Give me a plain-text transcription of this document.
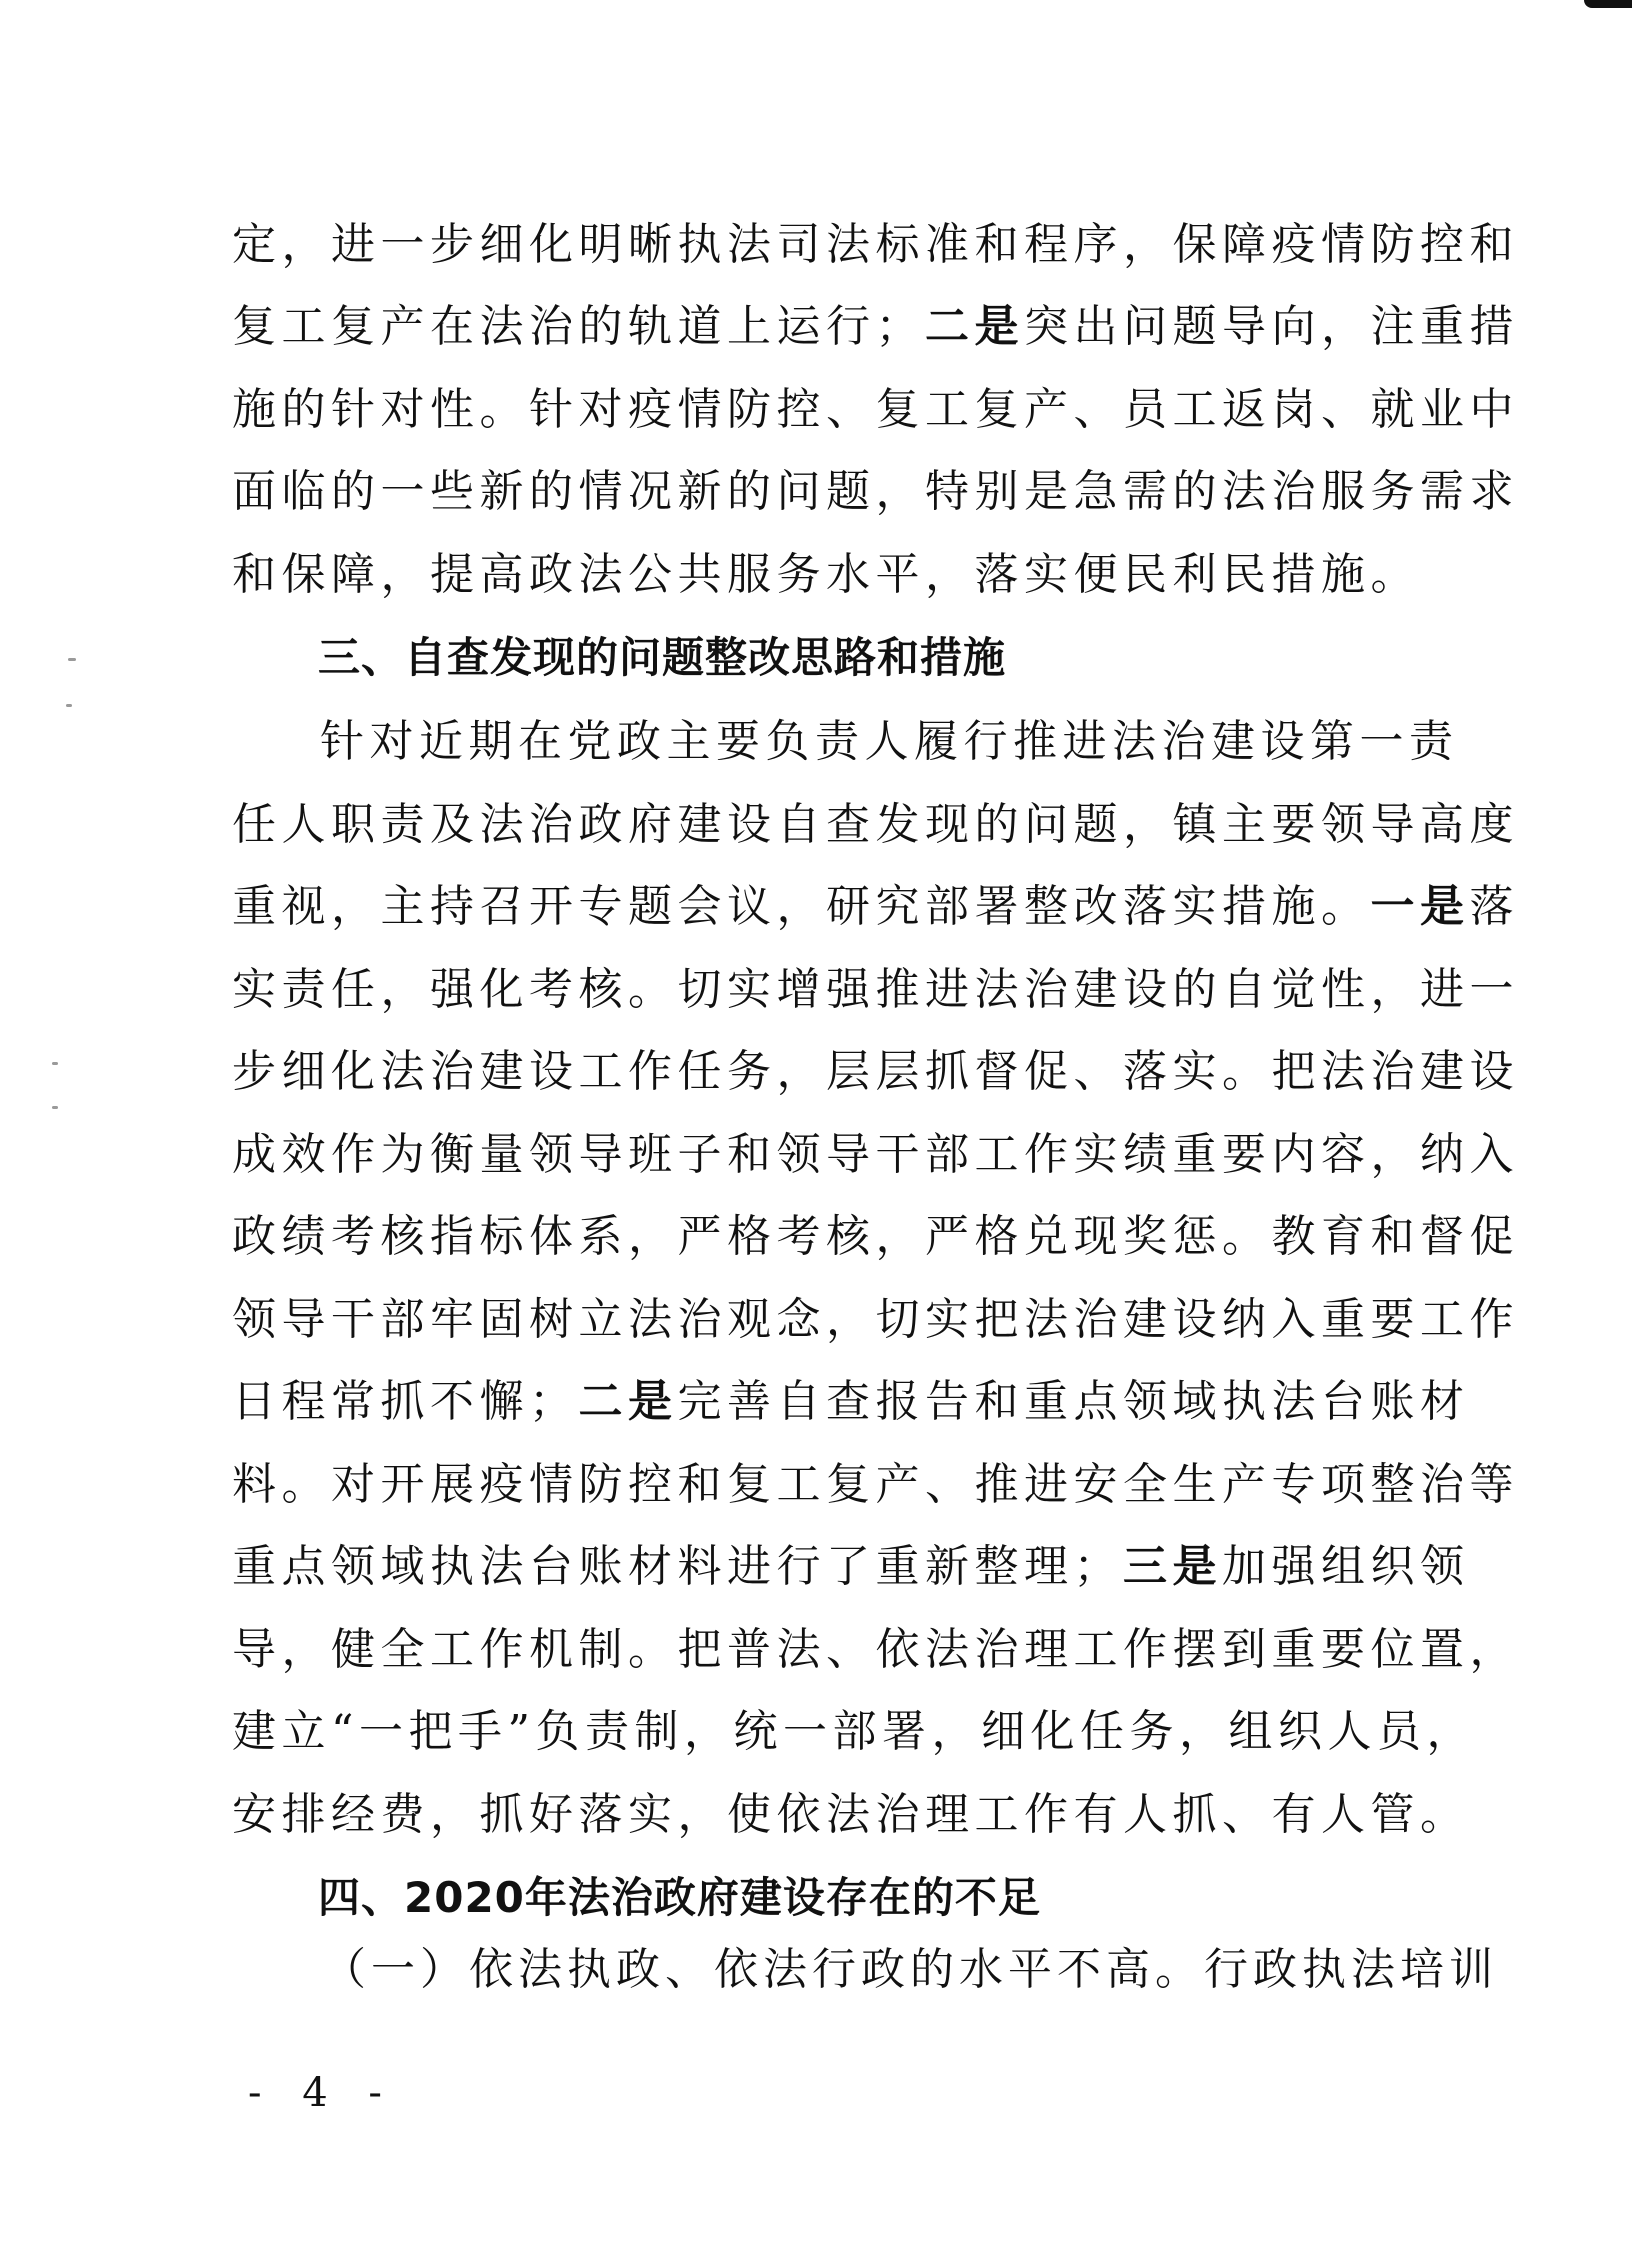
定，进一步细化明晰执法司法标准和程序，保障疫情防控和
复工复产在法治的轨道上运行；二是突出问题导向，注重措
施的针对性。针对疫情防控、复工复产、员工返岗、就业中
面临的一些新的情况新的问题，特别是急需的法治服务需求
和保障，提高政法公共服务水平，落实便民利民措施。
三、自查发现的问题整改思路和措施
针对近期在党政主要负责人履行推进法治建设第一责
任人职责及法治政府建设自查发现的问题，镇主要领导高度
重视，主持召开专题会议，研究部署整改落实措施。一是落
实责任，强化考核。切实增强推进法治建设的自觉性，进一
步细化法治建设工作任务，层层抓督促、落实。把法治建设
成效作为衡量领导班子和领导干部工作实绩重要内容，纳入
政绩考核指标体系，严格考核，严格兑现奖惩。教育和督促
领导干部牢固树立法治观念，切实把法治建设纳入重要工作
日程常抓不懈；二是完善自查报告和重点领域执法台账材
料。对开展疫情防控和复工复产、推进安全生产专项整治等
重点领域执法台账材料进行了重新整理；三是加强组织领
导，健全工作机制。把普法、依法治理工作摆到重要位置，
建立“一把手”负责制，统一部署，细化任务，组织人员，
安排经费，抓好落实，使依法治理工作有人抓、有人管。
四、2020年法治政府建设存在的不足
（一）依法执政、依法行政的水平不高。行政执法培训
- 4 -
